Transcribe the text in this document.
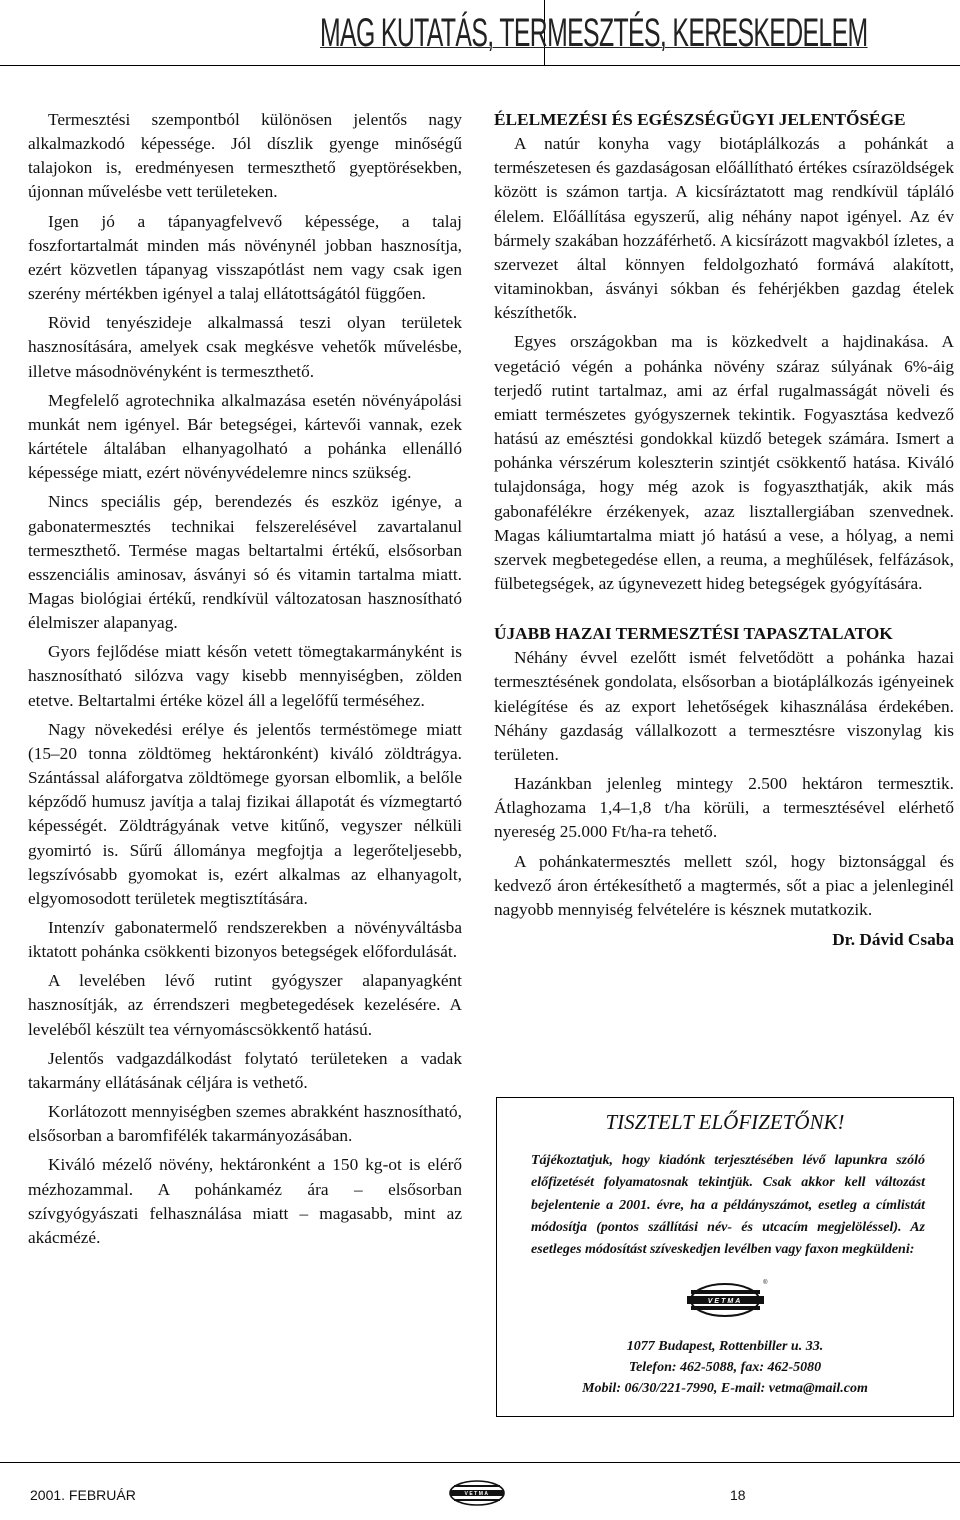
MAG KUTATÁS, TERMESZTÉS, KERESKEDELEM

Termesztési szempontból különösen jelentős nagy alkalmazkodó képessége. Jól díszlik gyenge minőségű talajokon is, eredményesen termeszthető gyeptörésekben, újonnan művelésbe vett területeken.

Igen jó a tápanyagfelvevő képessége, a talaj foszfortartalmát minden más növénynél jobban hasznosítja, ezért közvetlen tápanyag visszapótlást nem vagy csak igen szerény mértékben igényel a talaj ellátottságától függően.

Rövid tenyészideje alkalmassá teszi olyan területek hasznosítására, amelyek csak megkésve vehetők művelésbe, illetve másodnövényként is termeszthető.

Megfelelő agrotechnika alkalmazása esetén növényápolási munkát nem igényel. Bár betegségei, kártevői vannak, ezek kártétele általában elhanyagolható a pohánka ellenálló képessége miatt, ezért növényvédelemre nincs szükség.

Nincs speciális gép, berendezés és eszköz igénye, a gabonatermesztés technikai felszerelésével zavartalanul termeszthető. Termése magas beltartalmi értékű, elsősorban esszenciális aminosav, ásványi só és vitamin tartalma miatt. Magas biológiai értékű, rendkívül változatosan hasznosítható élelmiszer alapanyag.

Gyors fejlődése miatt későn vetett tömegtakarmányként is hasznosítható silózva vagy kisebb mennyiségben, zölden etetve. Beltartalmi értéke közel áll a legelőfű terméséhez.

Nagy növekedési erélye és jelentős terméstömege miatt (15–20 tonna zöldtömeg hektáronként) kiváló zöldtrágya. Szántással aláforgatva zöldtömege gyorsan elbomlik, a belőle képződő humusz javítja a talaj fizikai állapotát és vízmegtartó képességét. Zöldtrágyának vetve kitűnő, vegyszer nélküli gyomirtó is. Sűrű állománya megfojtja a legerőteljesebb, legszívósabb gyomokat is, ezért alkalmas az elhanyagolt, elgyomosodott területek megtisztítására.

Intenzív gabonatermelő rendszerekben a növényváltásba iktatott pohánka csökkenti bizonyos betegségek előfordulását.

A levelében lévő rutint gyógyszer alapanyagként hasznosítják, az érrendszeri megbetegedések kezelésére. A leveléből készült tea vérnyomáscsökkentő hatású.

Jelentős vadgazdálkodást folytató területeken a vadak takarmány ellátásának céljára is vethető.

Korlátozott mennyiségben szemes abrakként hasznosítható, elsősorban a baromfifélék takarmányozásában.

Kiváló mézelő növény, hektáronként a 150 kg-ot is elérő mézhozammal. A pohánkaméz ára – elsősorban szívgyógyászati felhasználása miatt – magasabb, mint az akácmézé.

ÉLELMEZÉSI ÉS EGÉSZSÉGÜGYI JELENTŐSÉGE

A natúr konyha vagy biotáplálkozás a pohánkát a természetesen és gazdaságosan előállítható értékes csírazöldségek között is számon tartja. A kicsíráztatott mag rendkívül tápláló élelem. Előállítása egyszerű, alig néhány napot igényel. Az év bármely szakában hozzáférhető. A kicsírázott magvakból ízletes, a szervezet által könnyen feldolgozható formává alakított, vitaminokban, ásványi sókban és fehérjékben gazdag ételek készíthetők.

Egyes országokban ma is közkedvelt a hajdinakása. A vegetáció végén a pohánka növény száraz súlyának 6%-áig terjedő rutint tartalmaz, ami az érfal rugalmasságát növeli és emiatt természetes gyógyszernek tekintik. Fogyasztása kedvező hatású az emésztési gondokkal küzdő betegek számára. Ismert a pohánka vérszérum koleszterin szintjét csökkentő hatása. Kiváló tulajdonsága, hogy még azok is fogyaszthatják, akik más gabonafélékre érzékenyek, azaz lisztallergiában szenvednek. Magas káliumtartalma miatt jó hatású a vese, a hólyag, a nemi szervek megbetegedése ellen, a reuma, a meghűlések, felfázások, fülbetegségek, az úgynevezett hideg betegségek gyógyítására.

ÚJABB HAZAI TERMESZTÉSI TAPASZTALATOK

Néhány évvel ezelőtt ismét felvetődött a pohánka hazai termesztésének gondolata, elsősorban a biotáplálkozás igényeinek kielégítése és az export lehetőségek kihasználása érdekében. Néhány gazdaság vállalkozott a termesztésre viszonylag kis területen.

Hazánkban jelenleg mintegy 2.500 hektáron termesztik. Átlaghozama 1,4–1,8 t/ha körüli, a termesztésével elérhető nyereség 25.000 Ft/ha-ra tehető.

A pohánkatermesztés mellett szól, hogy biztonsággal és kedvező áron értékesíthető a magtermés, sőt a piac a jelenleginél nagyobb mennyiség felvételére is késznek mutatkozik.

Dr. Dávid Csaba

TISZTELT ELŐFIZETŐNK!
Tájékoztatjuk, hogy kiadónk terjesztésében lévő lapunkra szóló előfizetését folyamatosnak tekintjük. Csak akkor kell változást bejelentenie a 2001. évre, ha a példányszámot, esetleg a címlistát módosítja (pontos szállítási név- és utcacím megjelöléssel). Az esetleges módosítást szíveskedjen levélben vagy faxon megküldeni:
VETMA
®
1077 Budapest, Rottenbiller u. 33.
Telefon: 462-5088, fax: 462-5080
Mobil: 06/30/221-7990, E-mail: vetma@mail.com
2001. FEBRUÁR	VETMA	18
